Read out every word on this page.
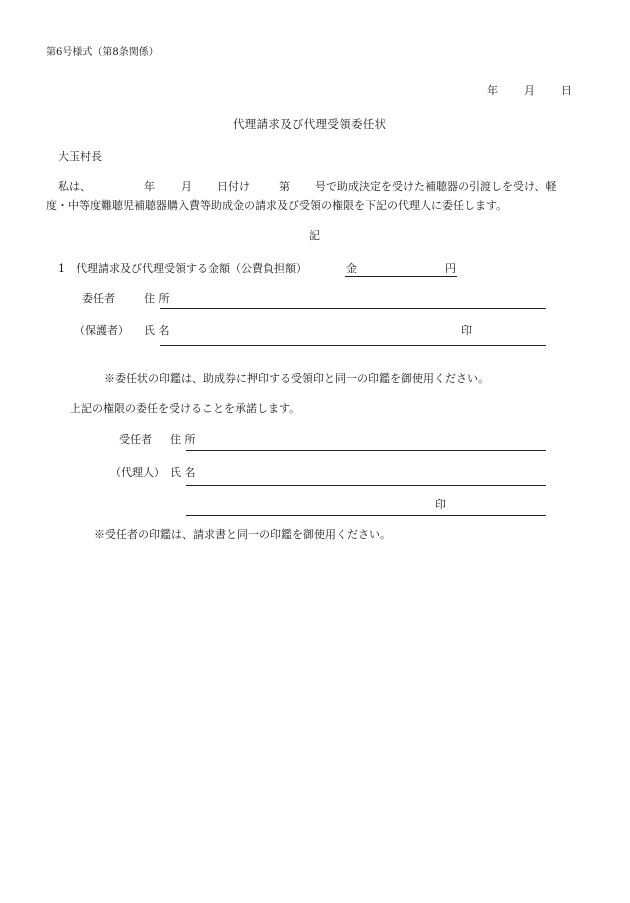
第6号様式（第8条関係）
年 月 日
代理請求及び代理受領委任状
大玉村長
私は、	年 月 日付け	第 号で助成決定を受けた補聴器の引渡しを受け、軽
度・中等度難聴児補聴器購入費等助成金の請求及び受領の権限を下記の代理人に委任します。
記
1　代理請求及び代理受領する金額（公費負担額）	金	円
委任者	住 所
（保護者） 氏 名	印
※委任状の印鑑は、助成券に押印する受領印と同一の印鑑を御使用ください。
上記の権限の委任を受けることを承諾します。
受任者 住 所
（代理人） 氏 名
印
※受任者の印鑑は、請求書と同一の印鑑を御使用ください。
